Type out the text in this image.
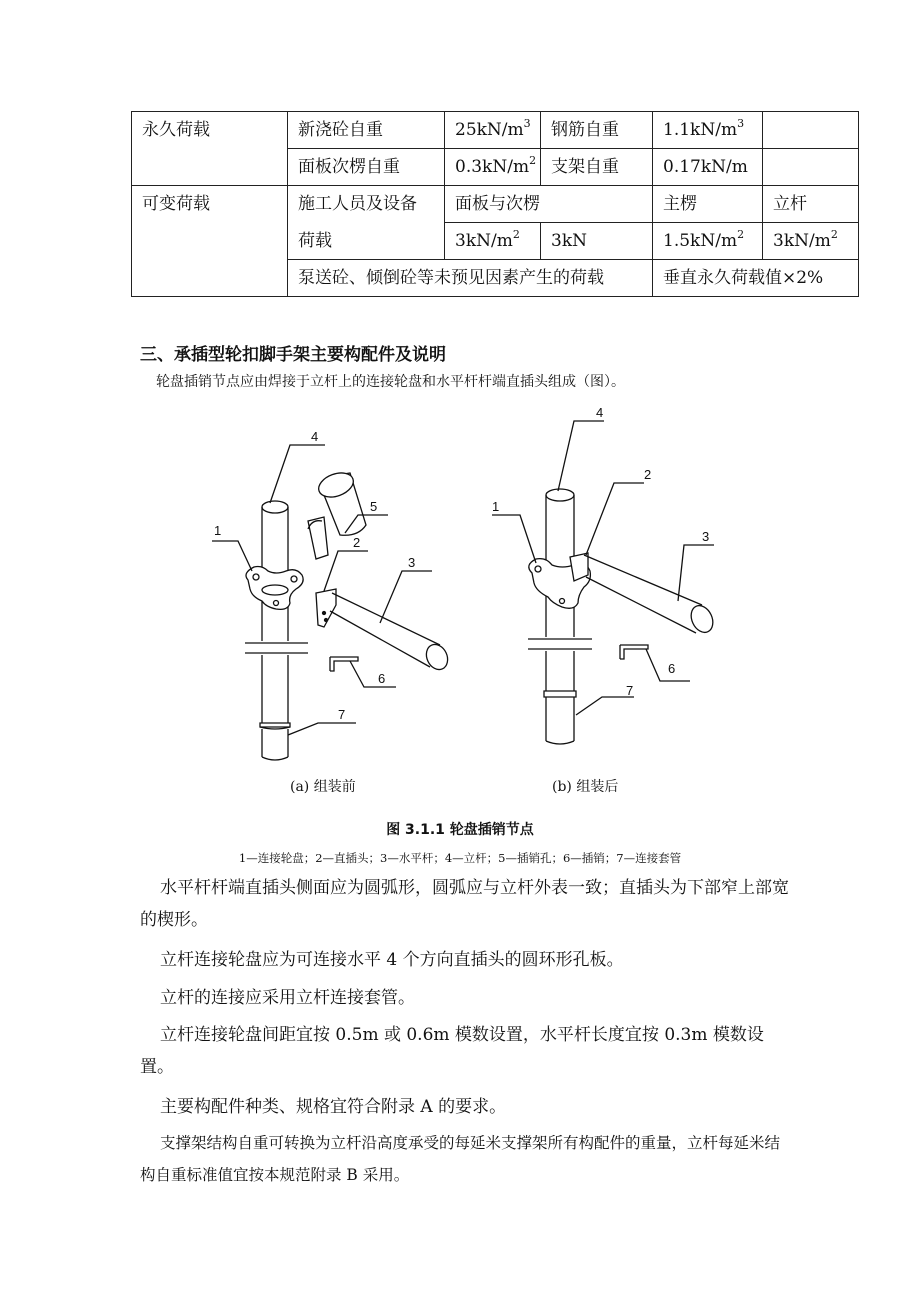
永久荷载	新浇砼自重	$25kN/m^3$	钢筋自重	$1.1kN/m^3$	
	面板次楞自重	$0.3kN/m^2$	支架自重	0.17kN/m	
可变荷载	施工人员及设备	面板与次楞		主楞	立杆
	荷载	$3kN/m^2$	3kN	$1.5kN/m^2$	$3kN/m^2$
	泵送砼、倾倒砼等未预见因素产生的荷载			垂直永久荷载值×2%	
三、承插型轮扣脚手架主要构配件及说明
轮盘插销节点应由焊接于立杆上的连接轮盘和水平杆杆端直插头组成（图）。
4
1
5
2
3
6
7
(a) 组装前
4
1
2
3
6
7
(b) 组装后
图 3.1.1 轮盘插销节点
1—连接轮盘；2—直插头；3—水平杆；4—立杆；5—插销孔；6—插销；7—连接套管
水平杆杆端直插头侧面应为圆弧形，圆弧应与立杆外表一致；直插头为下部窄上部宽的楔形。
立杆连接轮盘应为可连接水平 4 个方向直插头的圆环形孔板。
立杆的连接应采用立杆连接套管。
立杆连接轮盘间距宜按 0.5m 或 0.6m 模数设置，水平杆长度宜按 0.3m 模数设置。
主要构配件种类、规格宜符合附录 A 的要求。
支撑架结构自重可转换为立杆沿高度承受的每延米支撑架所有构配件的重量，立杆每延米结构自重标准值宜按本规范附录 B 采用。
